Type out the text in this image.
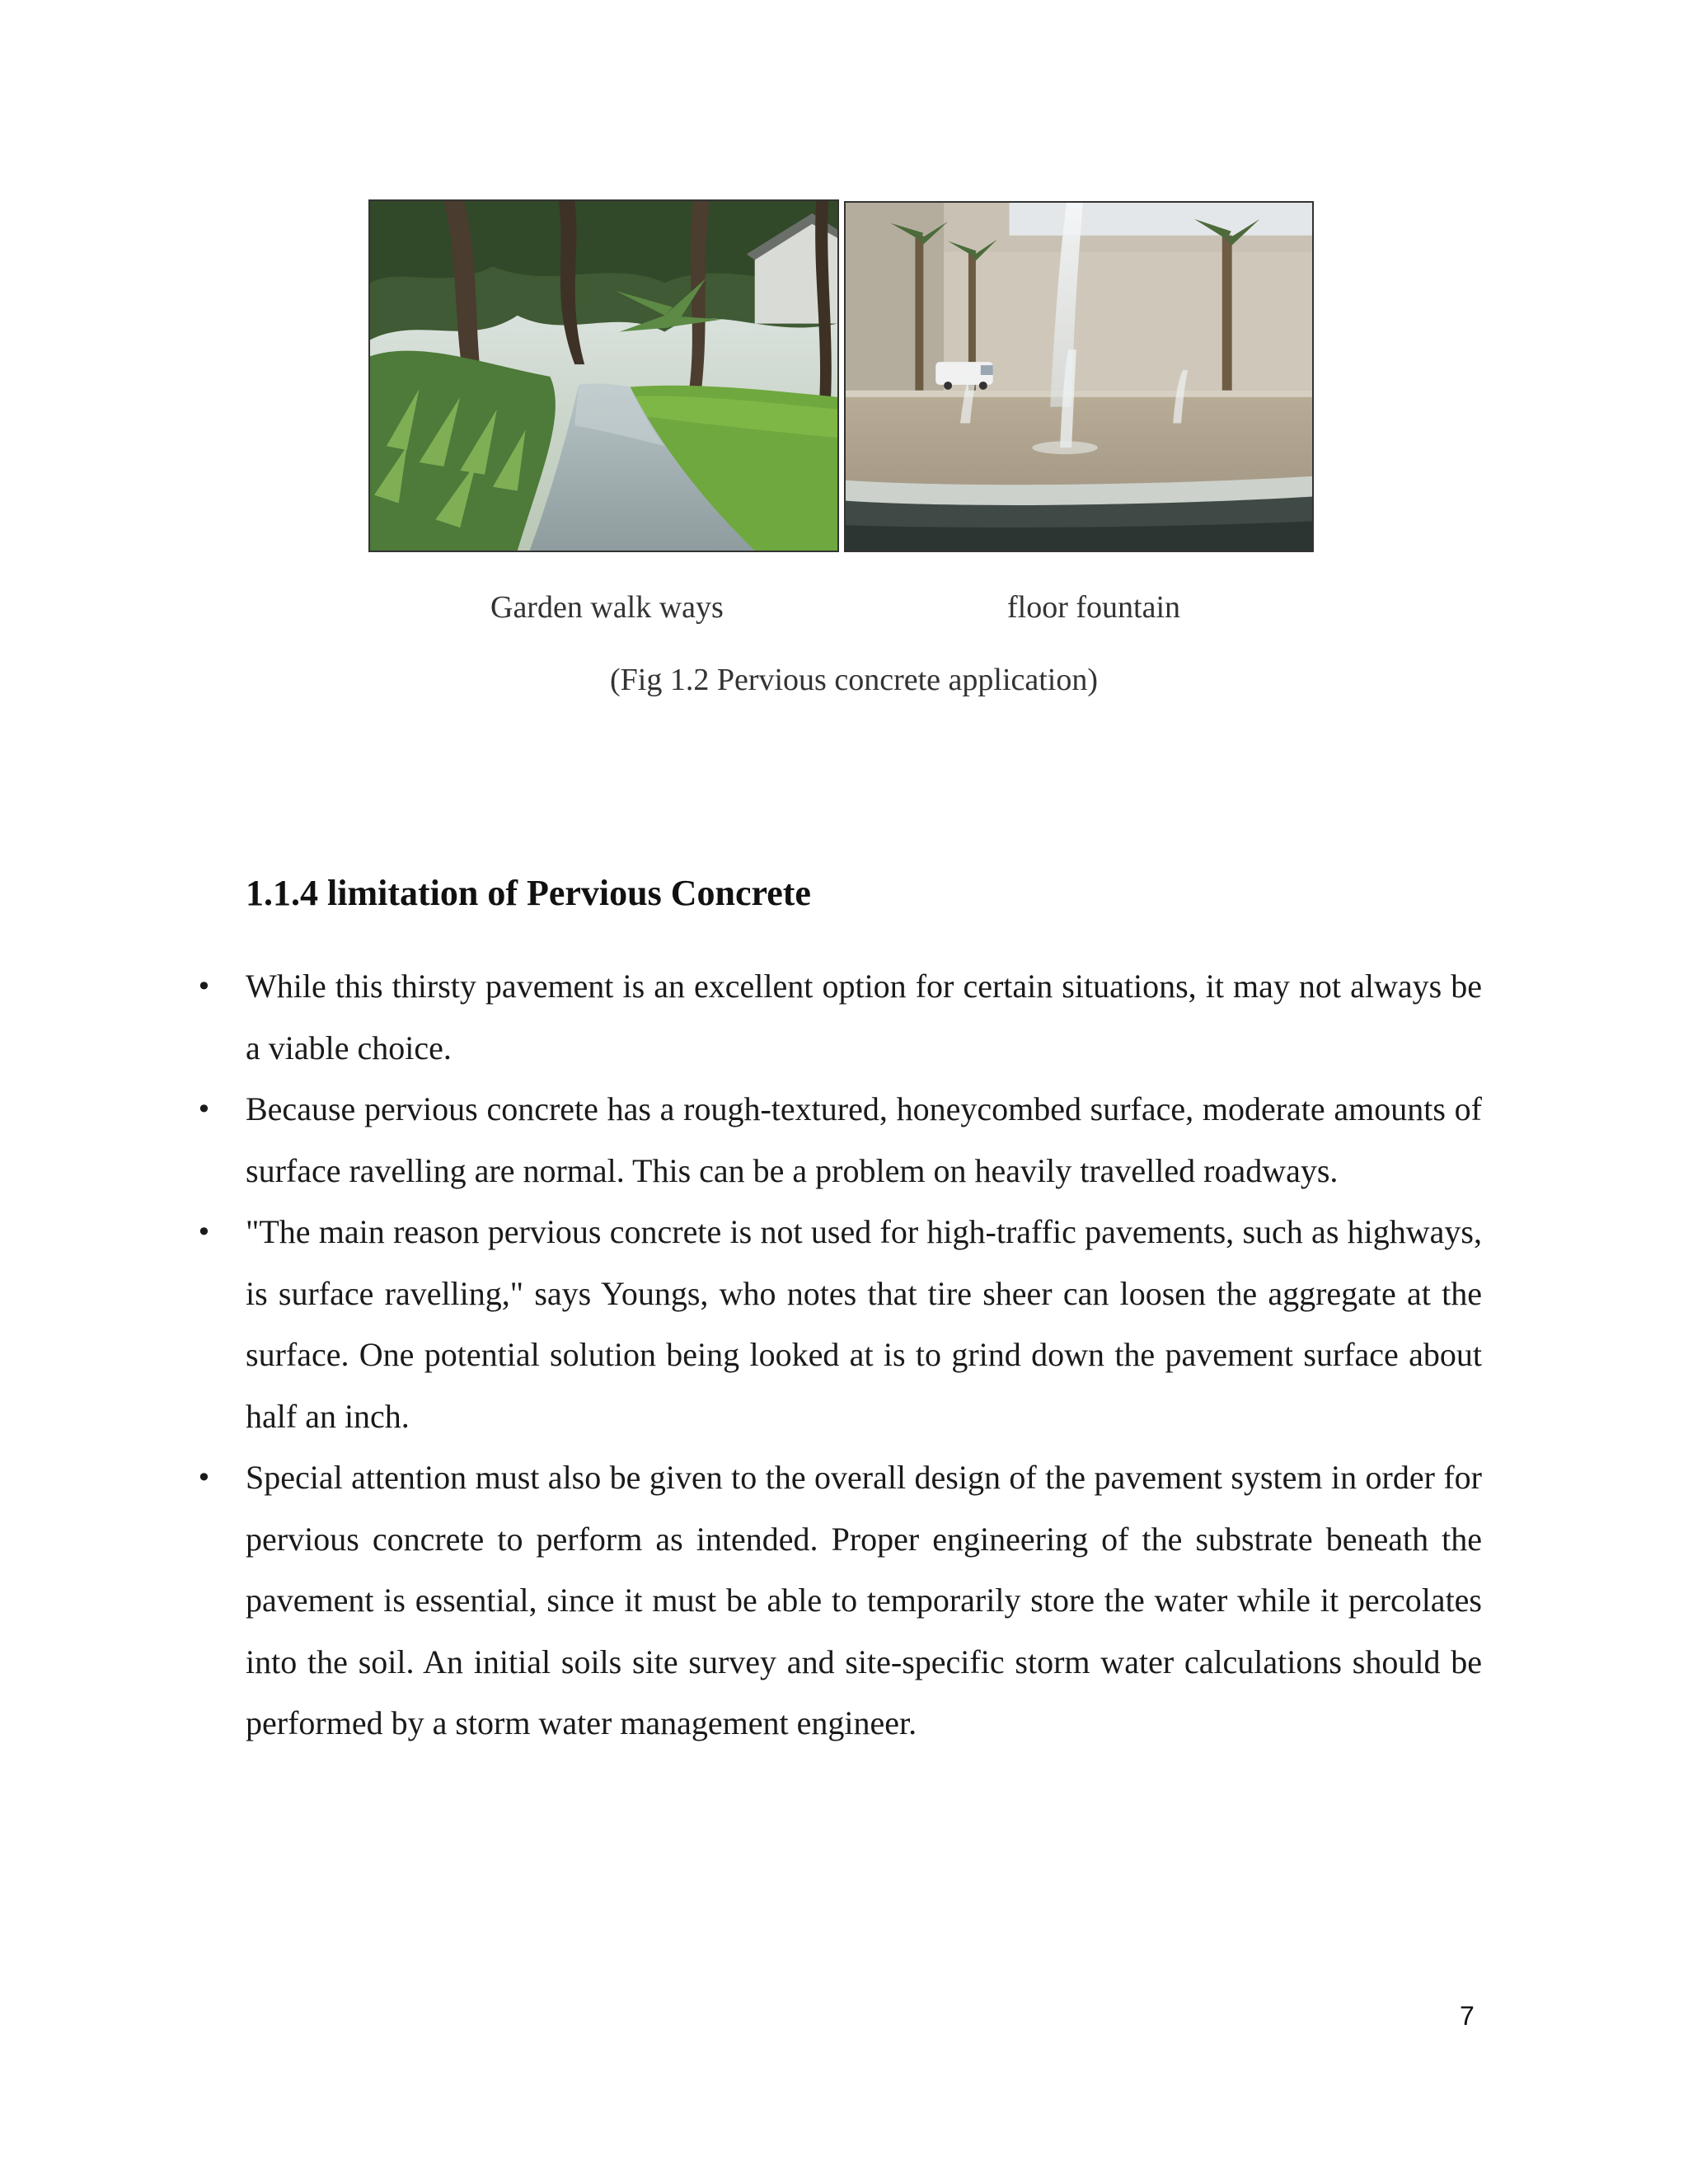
Garden walk ways	floor fountain
(Fig 1.2 Pervious concrete application)
1.1.4 limitation of Pervious Concrete
• While this thirsty pavement is an excellent option for certain situations, it may not always be a viable choice.
• Because pervious concrete has a rough-textured, honeycombed surface, moderate amounts of surface ravelling are normal. This can be a problem on heavily travelled roadways.
• "The main reason pervious concrete is not used for high-traffic pavements, such as highways, is surface ravelling," says Youngs, who notes that tire sheer can loosen the aggregate at the surface. One potential solution being looked at is to grind down the pavement surface about half an inch.
• Special attention must also be given to the overall design of the pavement system in order for pervious concrete to perform as intended. Proper engineering of the substrate beneath the pavement is essential, since it must be able to temporarily store the water while it percolates into the soil. An initial soils site survey and site-specific storm water calculations should be performed by a storm water management engineer.
7
